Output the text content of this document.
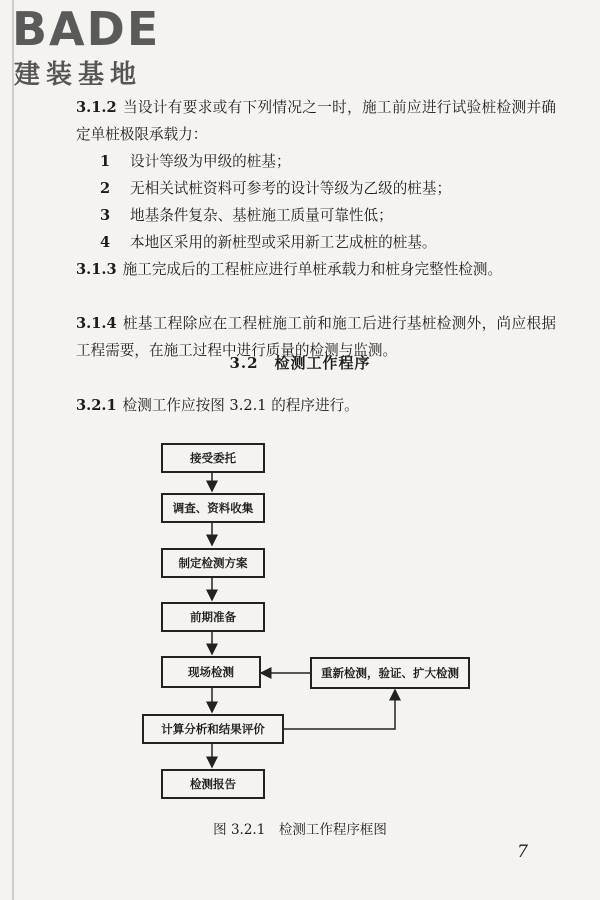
BADE
建装基地
3.1.2 当设计有要求或有下列情况之一时，施工前应进行试验桩检测并确定单桩极限承载力：
1 设计等级为甲级的桩基；
2 无相关试桩资料可参考的设计等级为乙级的桩基；
3 地基条件复杂、基桩施工质量可靠性低；
4 本地区采用的新桩型或采用新工艺成桩的桩基。
3.1.3 施工完成后的工程桩应进行单桩承载力和桩身完整性检测。
3.1.4 桩基工程除应在工程桩施工前和施工后进行基桩检测外，尚应根据工程需要，在施工过程中进行质量的检测与监测。
3.2　检测工作程序
3.2.1 检测工作应按图 3.2.1 的程序进行。
接受委托
调查、资料收集
制定检测方案
前期准备
现场检测
计算分析和结果评价
检测报告
重新检测，验证、扩大检测
图 3.2.1　检测工作程序框图
7
